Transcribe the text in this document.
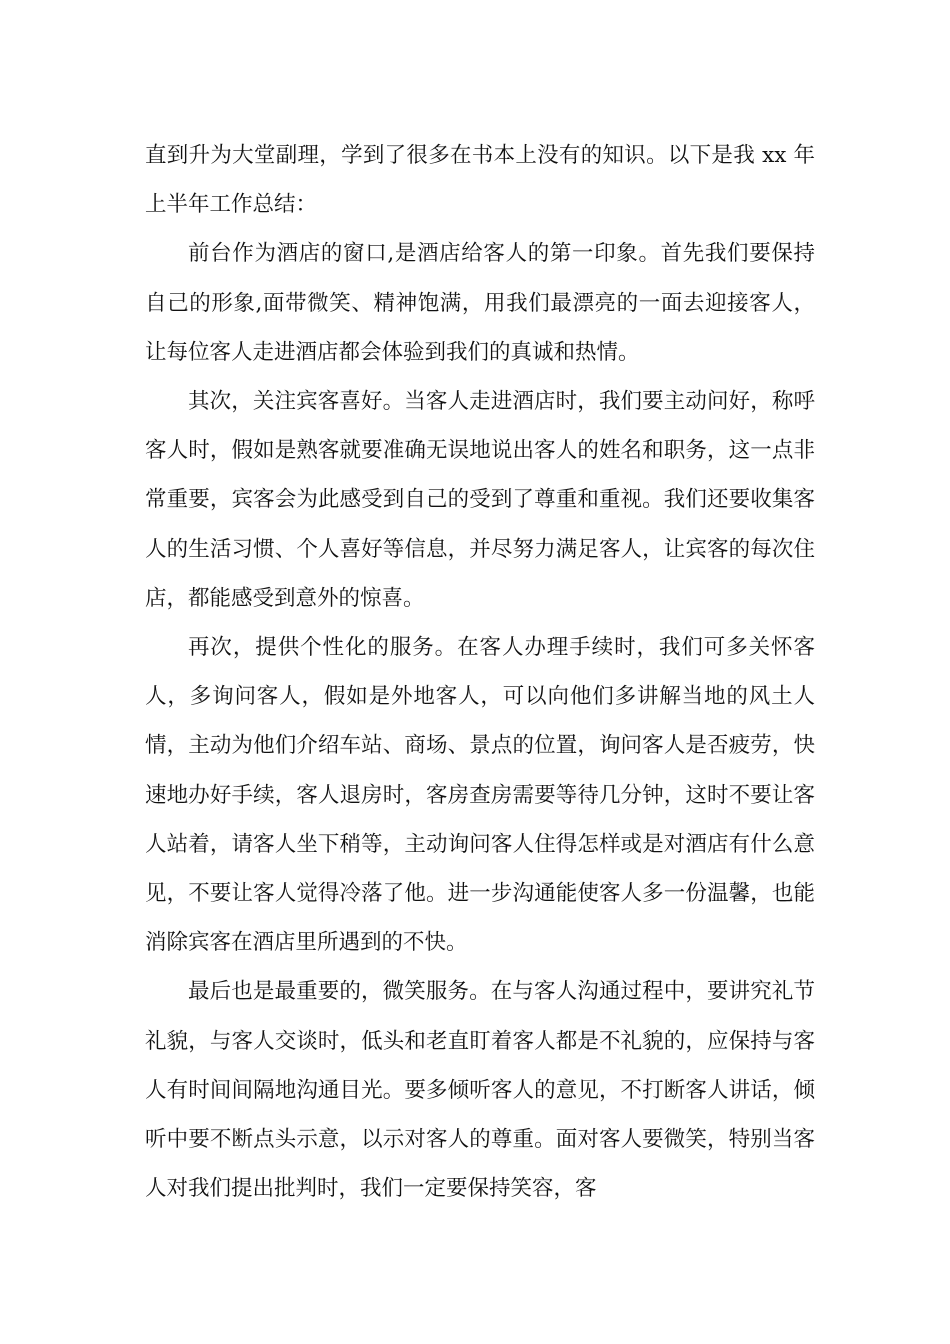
直到升为大堂副理，学到了很多在书本上没有的知识。以下是我 xx 年上半年工作总结：

前台作为酒店的窗口,是酒店给客人的第一印象。首先我们要保持自己的形象,面带微笑、精神饱满，用我们最漂亮的一面去迎接客人，让每位客人走进酒店都会体验到我们的真诚和热情。

其次，关注宾客喜好。当客人走进酒店时，我们要主动问好，称呼客人时，假如是熟客就要准确无误地说出客人的姓名和职务，这一点非常重要，宾客会为此感受到自己的受到了尊重和重视。我们还要收集客人的生活习惯、个人喜好等信息，并尽努力满足客人，让宾客的每次住店，都能感受到意外的惊喜。

再次，提供个性化的服务。在客人办理手续时，我们可多关怀客人，多询问客人，假如是外地客人，可以向他们多讲解当地的风土人情，主动为他们介绍车站、商场、景点的位置，询问客人是否疲劳，快速地办好手续，客人退房时，客房查房需要等待几分钟，这时不要让客人站着，请客人坐下稍等，主动询问客人住得怎样或是对酒店有什么意见，不要让客人觉得冷落了他。进一步沟通能使客人多一份温馨，也能消除宾客在酒店里所遇到的不快。

最后也是最重要的，微笑服务。在与客人沟通过程中，要讲究礼节礼貌，与客人交谈时，低头和老直盯着客人都是不礼貌的，应保持与客人有时间间隔地沟通目光。要多倾听客人的意见，不打断客人讲话，倾听中要不断点头示意，以示对客人的尊重。面对客人要微笑，特别当客人对我们提出批判时，我们一定要保持笑容，客
